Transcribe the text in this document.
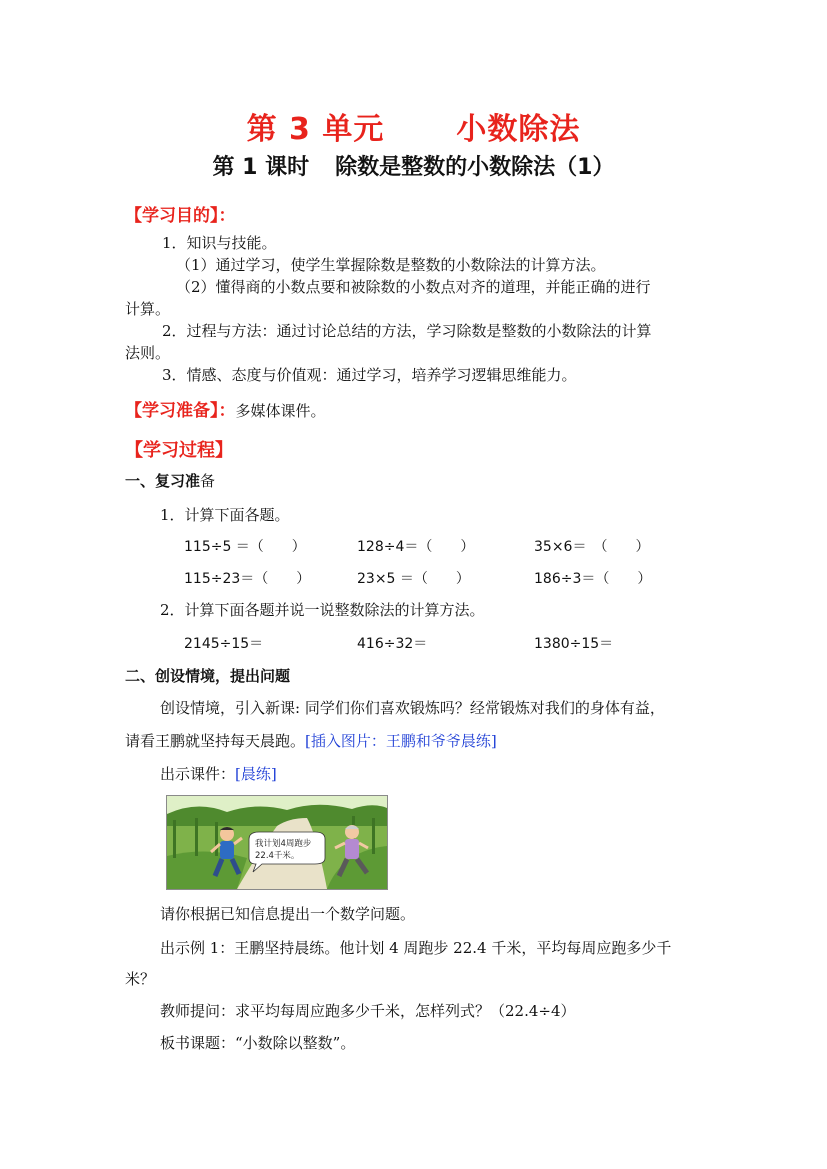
第 3 单元 小数除法
第 1 课时 除数是整数的小数除法（1）
【学习目的】：
1．知识与技能。
（1）通过学习，使学生掌握除数是整数的小数除法的计算方法。
（2）懂得商的小数点要和被除数的小数点对齐的道理，并能正确的进行
计算。
2．过程与方法：通过讨论总结的方法，学习除数是整数的小数除法的计算
法则。
3．情感、态度与价值观：通过学习，培养学习逻辑思维能力。
【学习准备】：多媒体课件。
【学习过程】
一、复习准备
1．计算下面各题。
115÷5 ＝（　　）	128÷4＝（　　）	35×6＝　（　　）
115÷23＝（　　）	23×5 ＝（　　）	186÷3＝（　　）
2．计算下面各题并说一说整数除法的计算方法。
2145÷15＝	416÷32＝	1380÷15＝
二、创设情境，提出问题
创设情境，引入新课: 同学们你们喜欢锻炼吗？经常锻炼对我们的身体有益，
请看王鹏就坚持每天晨跑。[插入图片：王鹏和爷爷晨练]
出示课件：[晨练]
我计划4周跑步
22.4千米。
请你根据已知信息提出一个数学问题。
出示例 1：王鹏坚持晨练。他计划 4 周跑步 22.4 千米，平均每周应跑多少千
米？
教师提问：求平均每周应跑多少千米，怎样列式？（22.4÷4）
板书课题：“小数除以整数”。
